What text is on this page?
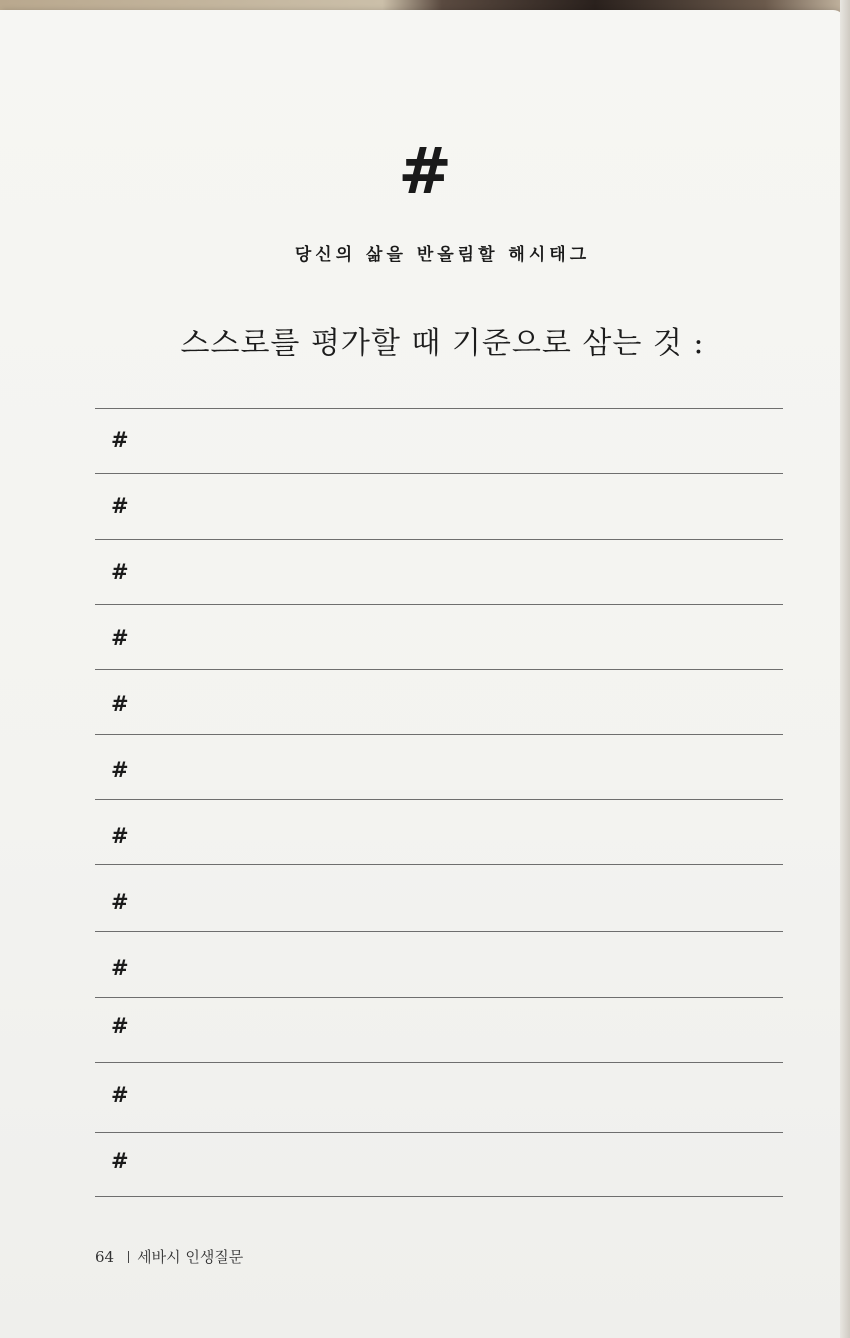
#
당신의 삶을 반올림할 해시태그
스스로를 평가할 때 기준으로 삼는 것 :
#
#
#
#
#
#
#
#
#
#
#
#
64 세바시 인생질문
